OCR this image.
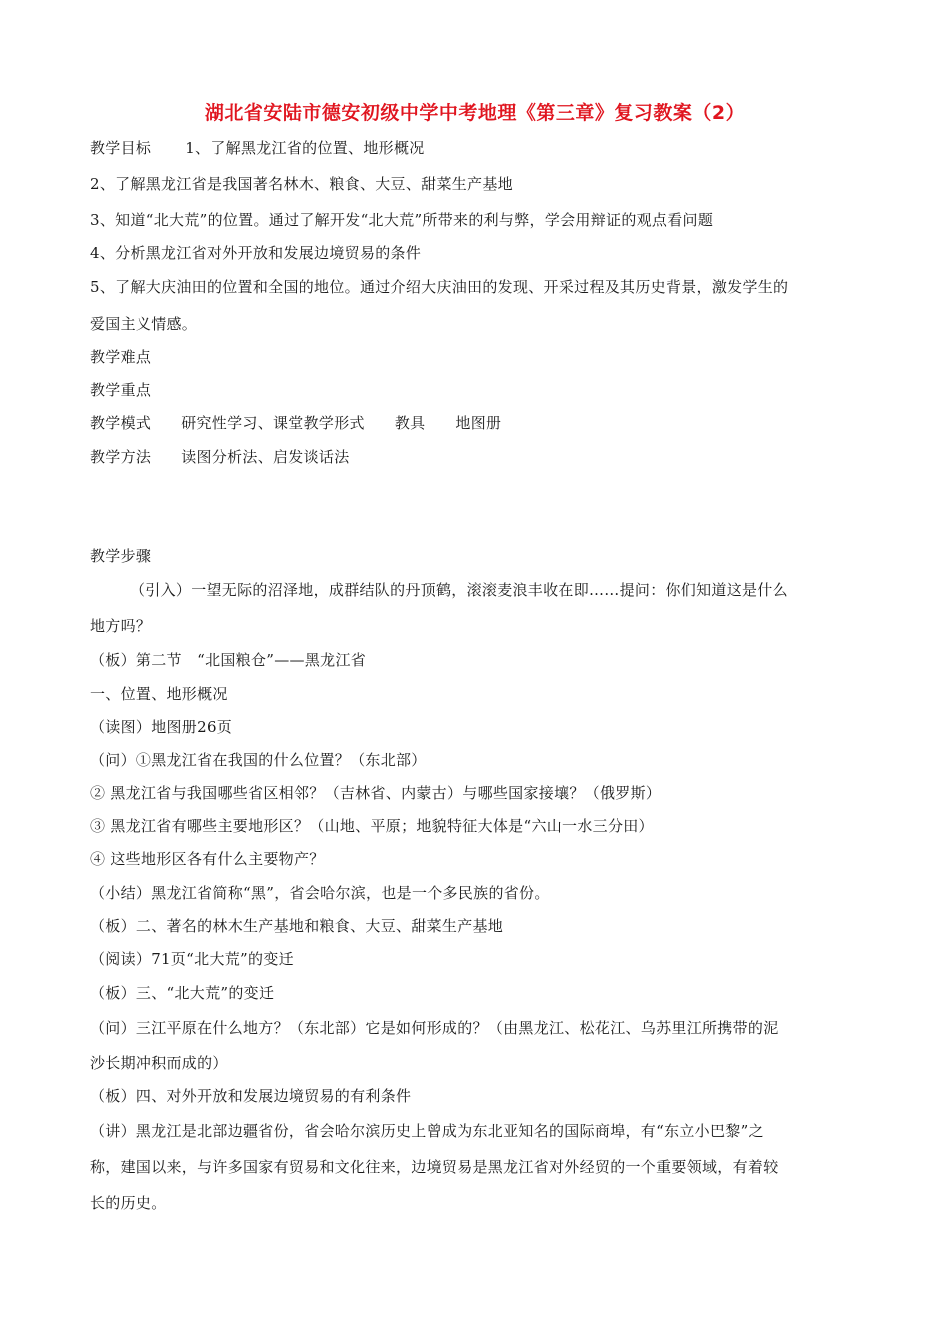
湖北省安陆市德安初级中学中考地理《第三章》复习教案（2）
教学目标 1、了解黑龙江省的位置、地形概况
2、了解黑龙江省是我国著名林木、粮食、大豆、甜菜生产基地
3、知道“北大荒”的位置。通过了解开发“北大荒”所带来的利与弊，学会用辩证的观点看问题
4、分析黑龙江省对外开放和发展边境贸易的条件
5、了解大庆油田的位置和全国的地位。通过介绍大庆油田的发现、开采过程及其历史背景，激发学生的
爱国主义情感。
教学难点
教学重点
教学模式 研究性学习、课堂教学形式 教具 地图册
教学方法 读图分析法、启发谈话法
教学步骤
（引入）一望无际的沼泽地，成群结队的丹顶鹤，滚滚麦浪丰收在即……提问：你们知道这是什么
地方吗？
（板）第二节　“北国粮仓”——黑龙江省
一、位置、地形概况
（读图）地图册26页
（问）①黑龙江省在我国的什么位置？（东北部）
② 黑龙江省与我国哪些省区相邻？（吉林省、内蒙古）与哪些国家接壤？（俄罗斯）
③ 黑龙江省有哪些主要地形区？（山地、平原；地貌特征大体是“六山一水三分田）
④ 这些地形区各有什么主要物产？
（小结）黑龙江省简称“黑”，省会哈尔滨，也是一个多民族的省份。
（板）二、著名的林木生产基地和粮食、大豆、甜菜生产基地
（阅读）71页“北大荒”的变迁
（板）三、“北大荒”的变迁
（问）三江平原在什么地方？（东北部）它是如何形成的？（由黑龙江、松花江、乌苏里江所携带的泥
沙长期冲积而成的）
（板）四、对外开放和发展边境贸易的有利条件
（讲）黑龙江是北部边疆省份，省会哈尔滨历史上曾成为东北亚知名的国际商埠，有“东立小巴黎”之
称，建国以来，与许多国家有贸易和文化往来，边境贸易是黑龙江省对外经贸的一个重要领域，有着较
长的历史。
